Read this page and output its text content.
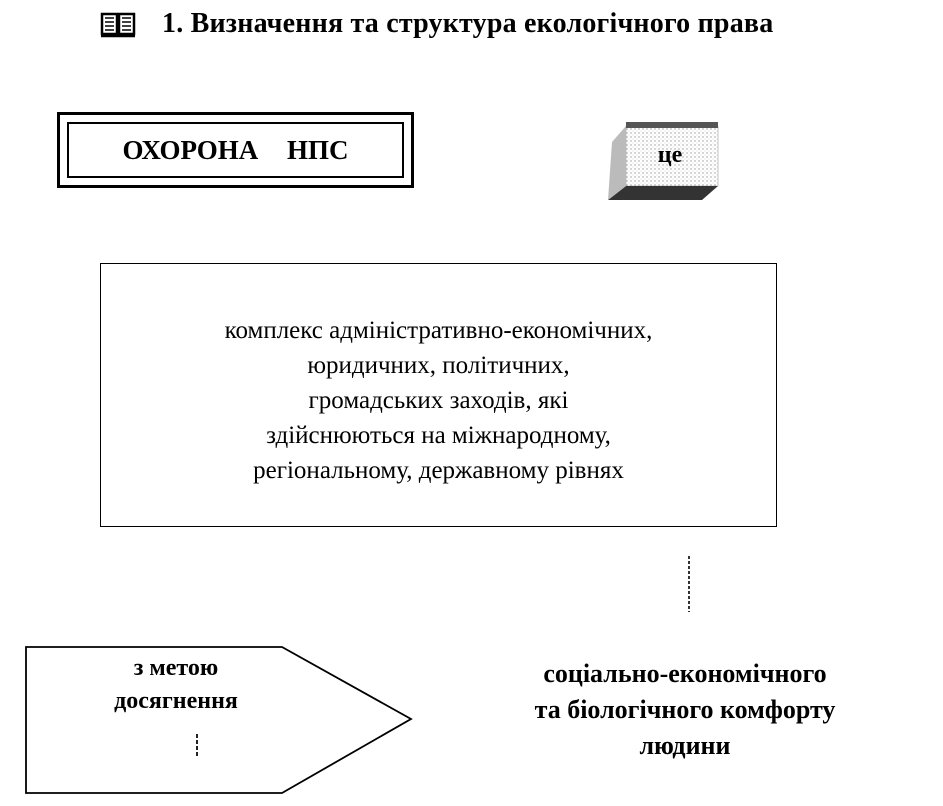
1. Визначення та структура екологічного права
ОХОРОНА НПС	це
комплекс адміністративно-економічних,
юридичних, політичних,
громадських заходів, які
здійснюються на міжнародному,
регіональному, державному рівнях
з метою
досягнення
соціально-економічного
та біологічного комфорту
людини
